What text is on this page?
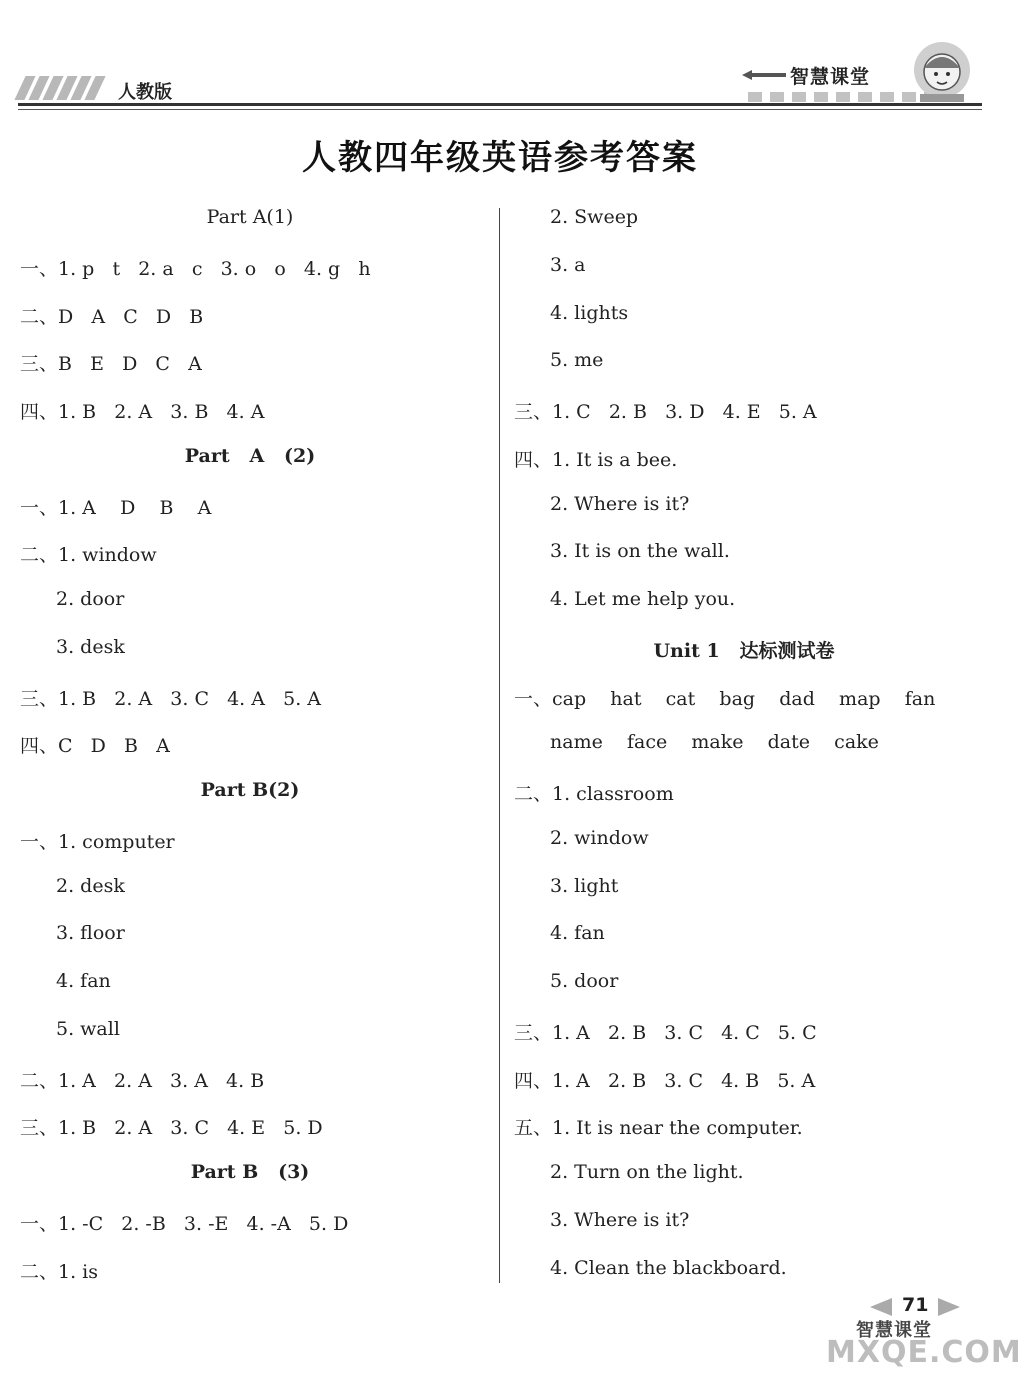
人教版
智慧课堂
人教四年级英语参考答案
Part A(1)
一、1. p   t   2. a   c   3. o   o   4. g   h
二、D   A   C   D   B
三、B   E   D   C   A
四、1. B   2. A   3. B   4. A
Part   A   (2)
一、1. A    D    B    A
二、1. window
2. door
3. desk
三、1. B   2. A   3. C   4. A   5. A
四、C   D   B   A
Part B(2)
一、1. computer
2. desk
3. floor
4. fan
5. wall
二、1. A   2. A   3. A   4. B
三、1. B   2. A   3. C   4. E   5. D
Part B   (3)
一、1. -C   2. -B   3. -E   4. -A   5. D
二、1. is
2. Sweep
3. a
4. lights
5. me
三、1. C   2. B   3. D   4. E   5. A
四、1. It is a bee.
2. Where is it?
3. It is on the wall.
4. Let me help you.
Unit 1   达标测试卷
一、cap    hat    cat    bag    dad    map    fan
name    face    make    date    cake
二、1. classroom
2. window
3. light
4. fan
5. door
三、1. A   2. B   3. C   4. C   5. C
四、1. A   2. B   3. C   4. B   5. A
五、1. It is near the computer.
2. Turn on the light.
3. Where is it?
4. Clean the blackboard.
71
智慧课堂
MXQE.COM
